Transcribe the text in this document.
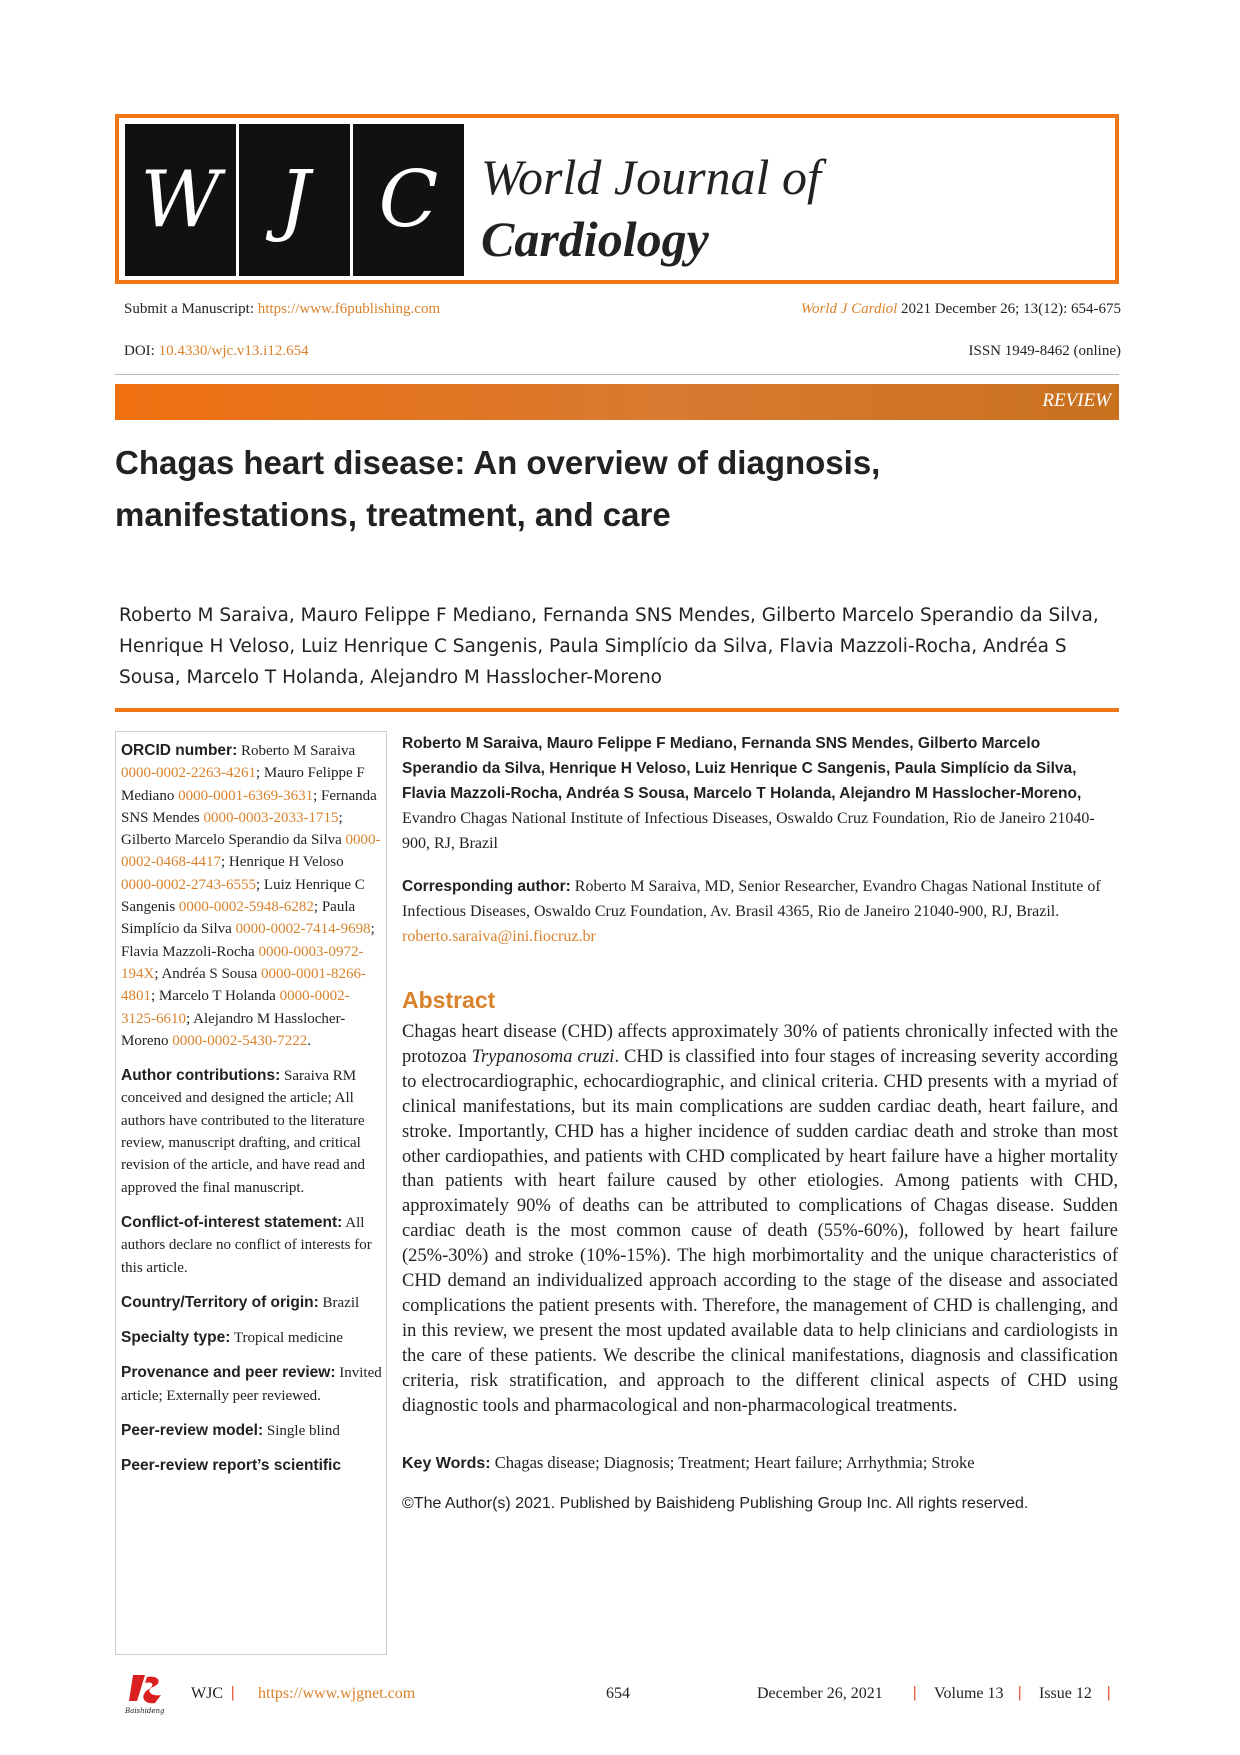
W J C World Journal of
Cardiology
Submit a Manuscript: https://www.f6publishing.com	World J Cardiol 2021 December 26; 13(12): 654-675
DOI: 10.4330/wjc.v13.i12.654	ISSN 1949-8462 (online)
REVIEW
Chagas heart disease: An overview of diagnosis, manifestations, treatment, and care
Roberto M Saraiva, Mauro Felippe F Mediano, Fernanda SNS Mendes, Gilberto Marcelo Sperandio da Silva, Henrique H Veloso, Luiz Henrique C Sangenis, Paula Simplício da Silva, Flavia Mazzoli-Rocha, Andréa S Sousa, Marcelo T Holanda, Alejandro M Hasslocher-Moreno

ORCID number: Roberto M Saraiva 0000-0002-2263-4261; Mauro Felippe F Mediano 0000-0001-6369-3631; Fernanda SNS Mendes 0000-0003-2033-1715; Gilberto Marcelo Sperandio da Silva 0000-0002-0468-4417; Henrique H Veloso 0000-0002-2743-6555; Luiz Henrique C Sangenis 0000-0002-5948-6282; Paula Simplício da Silva 0000-0002-7414-9698; Flavia Mazzoli-Rocha 0000-0003-0972-194X; Andréa S Sousa 0000-0001-8266-4801; Marcelo T Holanda 0000-0002-3125-6610; Alejandro M Hasslocher-Moreno 0000-0002-5430-7222.

Author contributions: Saraiva RM conceived and designed the article; All authors have contributed to the literature review, manuscript drafting, and critical revision of the article, and have read and approved the final manuscript.

Conflict-of-interest statement: All authors declare no conflict of interests for this article.

Country/Territory of origin: Brazil

Specialty type: Tropical medicine

Provenance and peer review: Invited article; Externally peer reviewed.

Peer-review model: Single blind

Peer-review report’s scientific

Roberto M Saraiva, Mauro Felippe F Mediano, Fernanda SNS Mendes, Gilberto Marcelo Sperandio da Silva, Henrique H Veloso, Luiz Henrique C Sangenis, Paula Simplício da Silva, Flavia Mazzoli-Rocha, Andréa S Sousa, Marcelo T Holanda, Alejandro M Hasslocher-Moreno, Evandro Chagas National Institute of Infectious Diseases, Oswaldo Cruz Foundation, Rio de Janeiro 21040-900, RJ, Brazil

Corresponding author: Roberto M Saraiva, MD, Senior Researcher, Evandro Chagas National Institute of Infectious Diseases, Oswaldo Cruz Foundation, Av. Brasil 4365, Rio de Janeiro 21040-900, RJ, Brazil. roberto.saraiva@ini.fiocruz.br

Abstract

Chagas heart disease (CHD) affects approximately 30% of patients chronically infected with the protozoa Trypanosoma cruzi. CHD is classified into four stages of increasing severity according to electrocardiographic, echocardiographic, and clinical criteria. CHD presents with a myriad of clinical manifestations, but its main complications are sudden cardiac death, heart failure, and stroke. Importantly, CHD has a higher incidence of sudden cardiac death and stroke than most other cardiopathies, and patients with CHD complicated by heart failure have a higher mortality than patients with heart failure caused by other etiologies. Among patients with CHD, approximately 90% of deaths can be attributed to complications of Chagas disease. Sudden cardiac death is the most common cause of death (55%-60%), followed by heart failure (25%-30%) and stroke (10%-15%). The high morbimortality and the unique characteristics of CHD demand an individualized approach according to the stage of the disease and associated complications the patient presents with. Therefore, the management of CHD is challenging, and in this review, we present the most updated available data to help clinicians and cardiologists in the care of these patients. We describe the clinical manifestations, diagnosis and classification criteria, risk stratification, and approach to the different clinical aspects of CHD using diagnostic tools and pharmacological and non-pharmacological treatments.

Key Words: Chagas disease; Diagnosis; Treatment; Heart failure; Arrhythmia; Stroke

©The Author(s) 2021. Published by Baishideng Publishing Group Inc. All rights reserved.

Baishideng
WJC | https://www.wjgnet.com	654	December 26, 2021 | Volume 13 | Issue 12 |
